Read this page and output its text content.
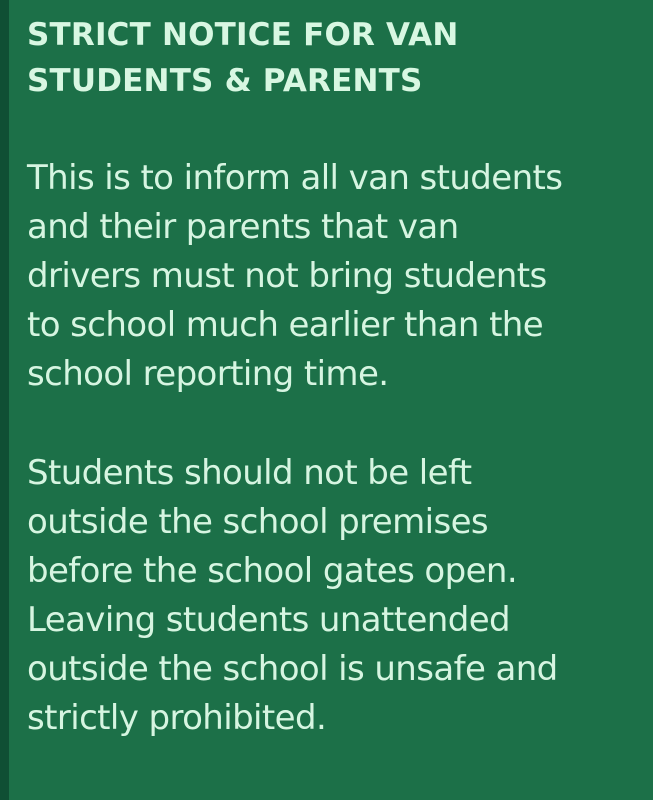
STRICT NOTICE FOR VAN
STUDENTS & PARENTS

This is to inform all van students
and their parents that van
drivers must not bring students
to school much earlier than the
school reporting time.

Students should not be left
outside the school premises
before the school gates open.
Leaving students unattended
outside the school is unsafe and
strictly prohibited.
